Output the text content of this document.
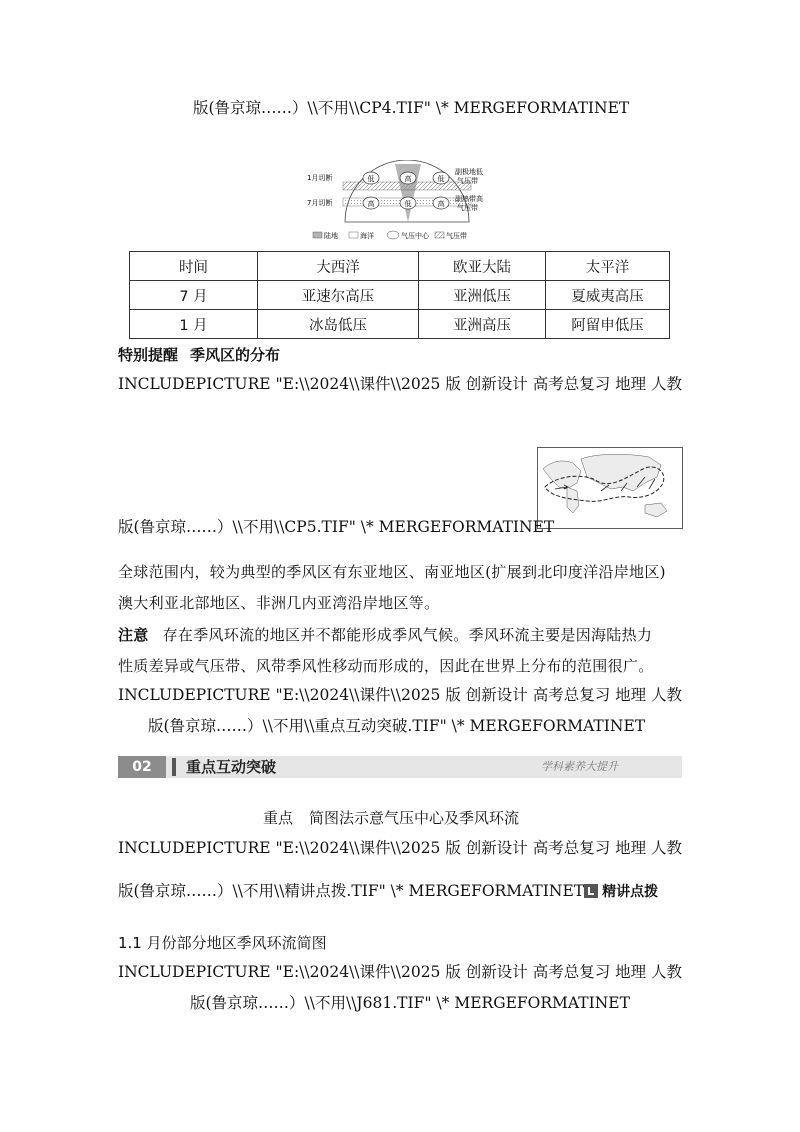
版(鲁京琼……）\\不用\\CP4.TIF" \* MERGEFORMATINET
低	高	低
高	低	高
1月切断
7月切断
副极地低
气压带
副热带高
气压带
陆地	海洋	气压中心 气压带
时间	大西洋	欧亚大陆	太平洋
7 月	亚速尔高压	亚洲低压	夏威夷高压
1 月	冰岛低压	亚洲高压	阿留申低压
特别提醒 季风区的分布
INCLUDEPICTURE "E:\\2024\\课件\\2025 版 创新设计 高考总复习 地理 人教
版(鲁京琼……）\\不用\\CP5.TIF" \* MERGEFORMATINET
全球范围内，较为典型的季风区有东亚地区、南亚地区(扩展到北印度洋沿岸地区)
澳大利亚北部地区、非洲几内亚湾沿岸地区等。
注意 存在季风环流的地区并不都能形成季风气候。季风环流主要是因海陆热力
性质差异或气压带、风带季风性移动而形成的，因此在世界上分布的范围很广。
INCLUDEPICTURE "E:\\2024\\课件\\2025 版 创新设计 高考总复习 地理 人教
版(鲁京琼……）\\不用\\重点互动突破.TIF" \* MERGEFORMATINET
02	重点互动突破	学科素养大提升
重点 简图法示意气压中心及季风环流
INCLUDEPICTURE "E:\\2024\\课件\\2025 版 创新设计 高考总复习 地理 人教
版(鲁京琼……）\\不用\\精讲点拨.TIF" \* MERGEFORMATINET 精讲点拨
1.1 月份部分地区季风环流简图
INCLUDEPICTURE "E:\\2024\\课件\\2025 版 创新设计 高考总复习 地理 人教
版(鲁京琼……）\\不用\\J681.TIF" \* MERGEFORMATINET
